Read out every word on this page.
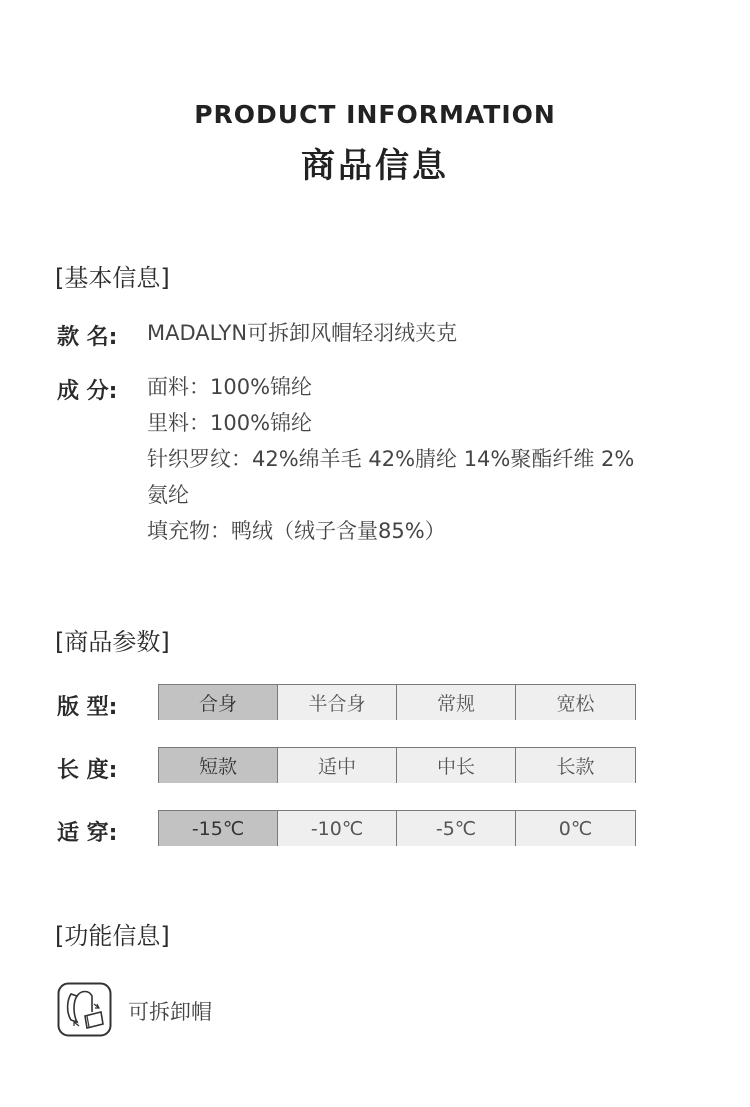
PRODUCT INFORMATION
商品信息
[基本信息]
款 名: MADALYN可拆卸风帽轻羽绒夹克
成 分: 面料：100%锦纶
里料：100%锦纶
针织罗纹：42%绵羊毛 42%腈纶 14%聚酯纤维 2%
氨纶
填充物：鸭绒（绒子含量85%）
[商品参数]
版 型:	合身	半合身	常规	宽松
长 度:	短款	适中	中长	长款
适 穿:	-15℃	-10℃	-5℃	0℃
[功能信息]
可拆卸帽
